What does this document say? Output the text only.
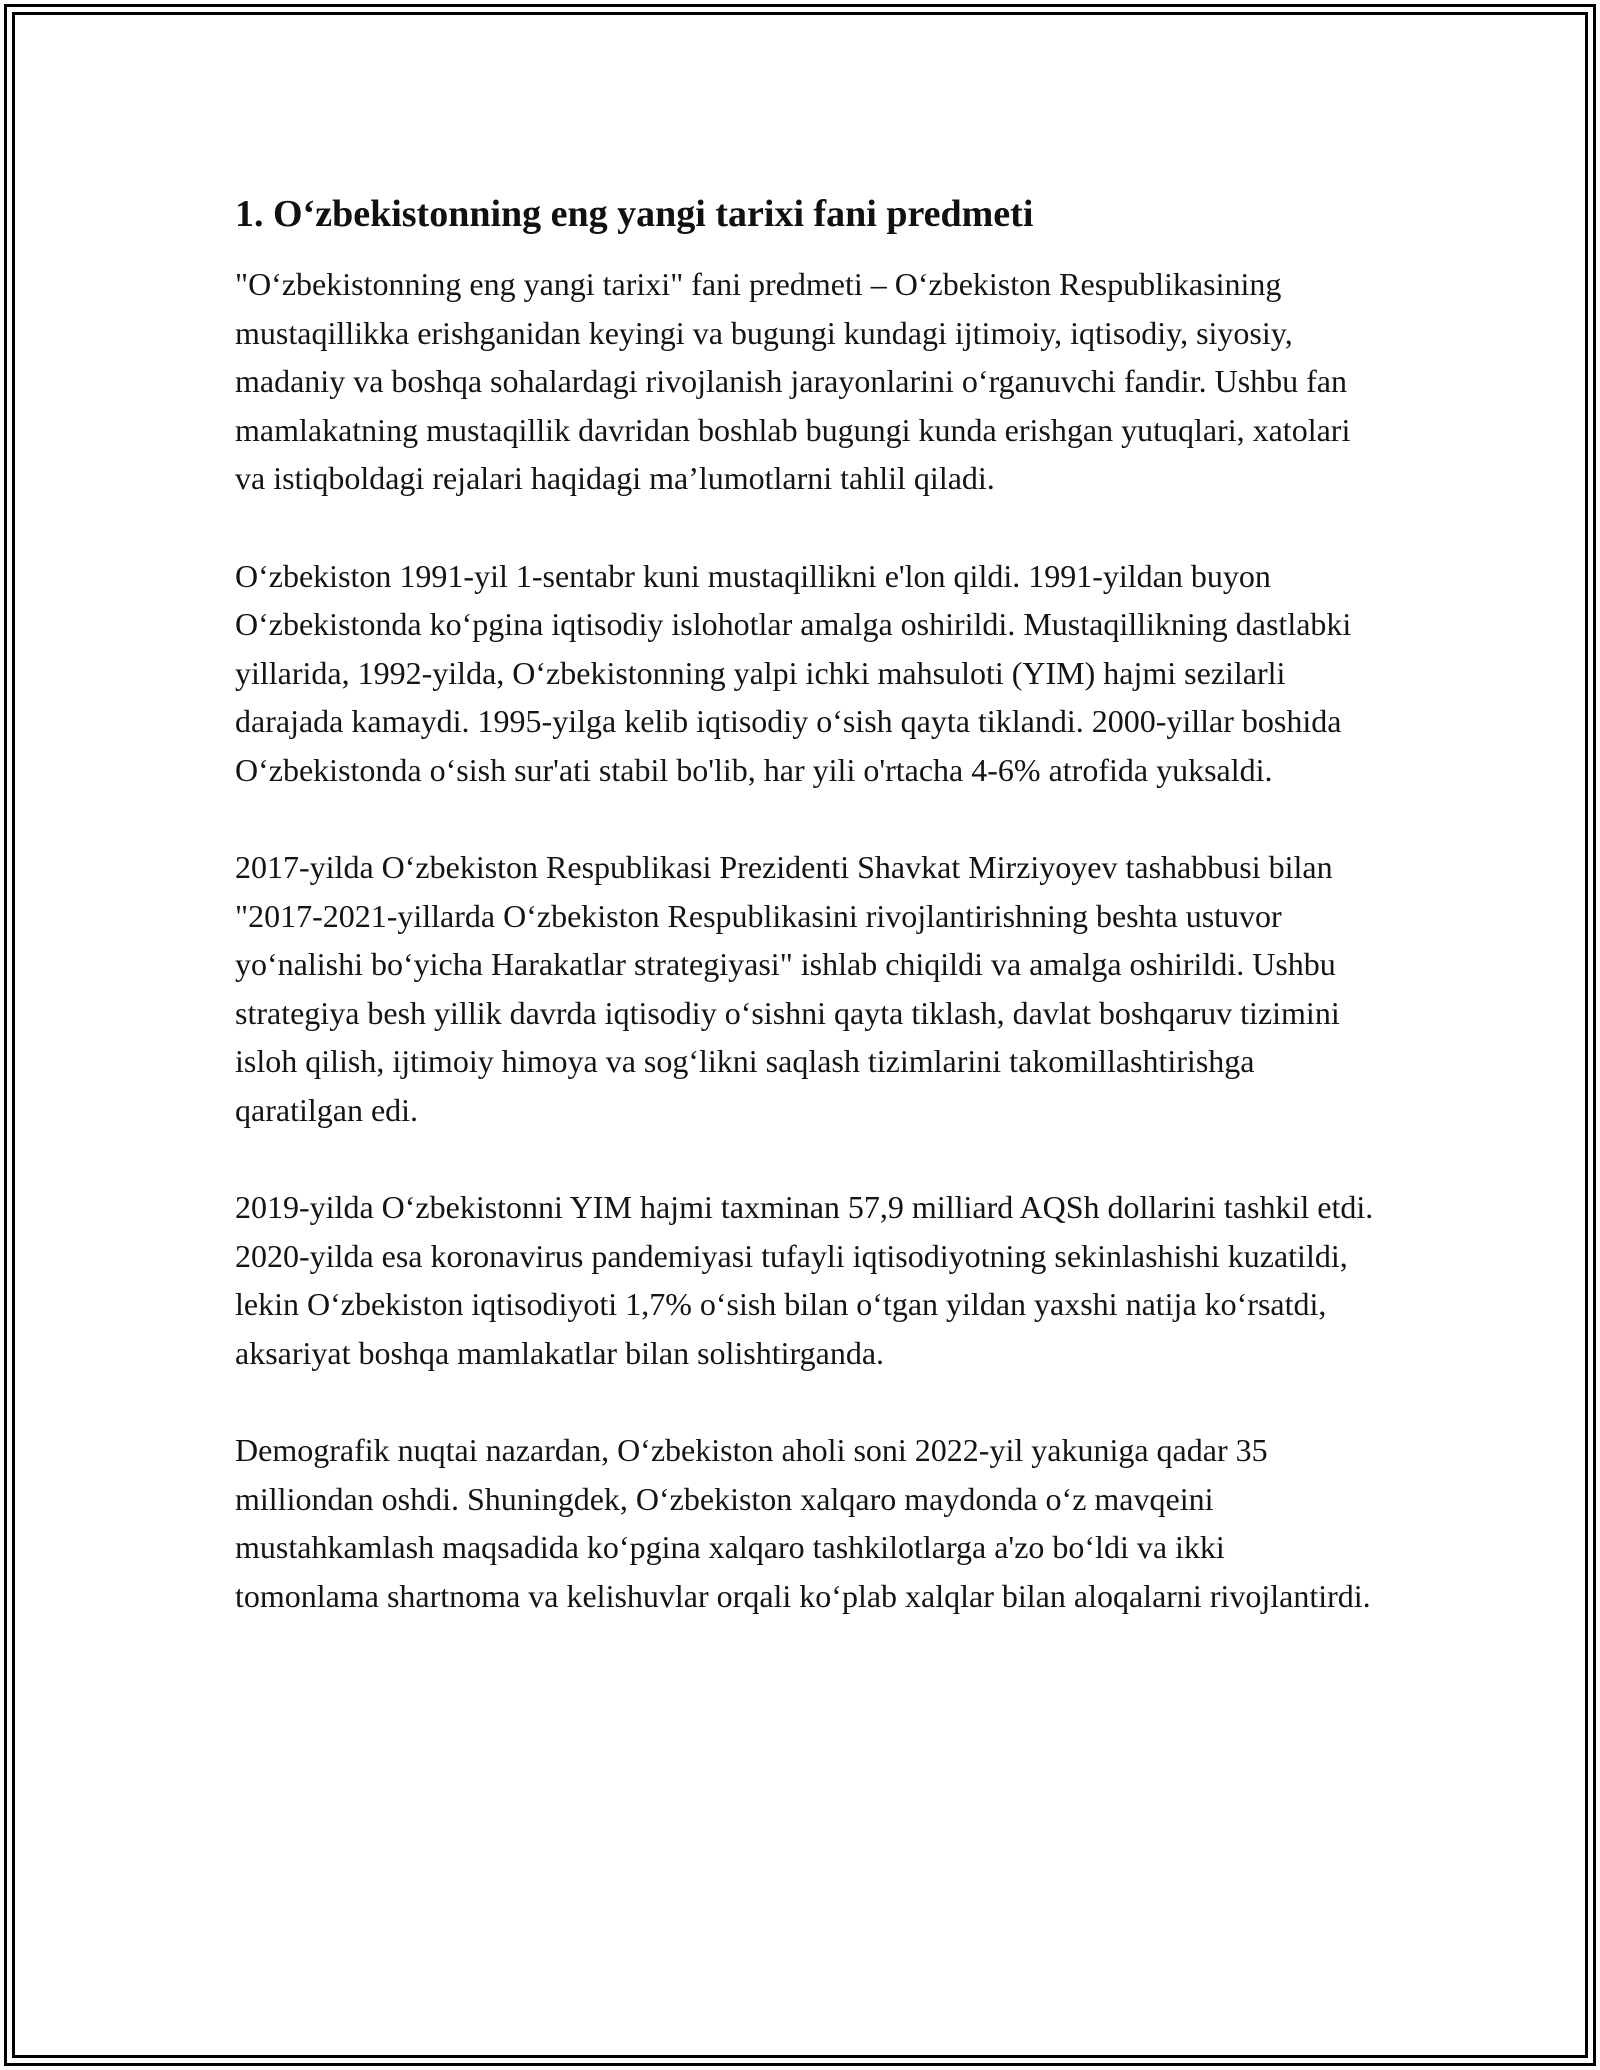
1. O‘zbekistonning eng yangi tarixi fani predmeti

"O‘zbekistonning eng yangi tarixi" fani predmeti – O‘zbekiston Respublikasining mustaqillikka erishganidan keyingi va bugungi kundagi ijtimoiy, iqtisodiy, siyosiy, madaniy va boshqa sohalardagi rivojlanish jarayonlarini o‘rganuvchi fandir. Ushbu fan mamlakatning mustaqillik davridan boshlab bugungi kunda erishgan yutuqlari, xatolari va istiqboldagi rejalari haqidagi ma’lumotlarni tahlil qiladi.

O‘zbekiston 1991-yil 1-sentabr kuni mustaqillikni e'lon qildi. 1991-yildan buyon O‘zbekistonda ko‘pgina iqtisodiy islohotlar amalga oshirildi. Mustaqillikning dastlabki yillarida, 1992-yilda, O‘zbekistonning yalpi ichki mahsuloti (YIM) hajmi sezilarli darajada kamaydi. 1995-yilga kelib iqtisodiy o‘sish qayta tiklandi. 2000-yillar boshida O‘zbekistonda o‘sish sur'ati stabil bo'lib, har yili o'rtacha 4-6% atrofida yuksaldi.

2017-yilda O‘zbekiston Respublikasi Prezidenti Shavkat Mirziyoyev tashabbusi bilan "2017-2021-yillarda O‘zbekiston Respublikasini rivojlantirishning beshta ustuvor yo‘nalishi bo‘yicha Harakatlar strategiyasi" ishlab chiqildi va amalga oshirildi. Ushbu strategiya besh yillik davrda iqtisodiy o‘sishni qayta tiklash, davlat boshqaruv tizimini isloh qilish, ijtimoiy himoya va sog‘likni saqlash tizimlarini takomillashtirishga qaratilgan edi.

2019-yilda O‘zbekistonni YIM hajmi taxminan 57,9 milliard AQSh dollarini tashkil etdi. 2020-yilda esa koronavirus pandemiyasi tufayli iqtisodiyotning sekinlashishi kuzatildi, lekin O‘zbekiston iqtisodiyoti 1,7% o‘sish bilan o‘tgan yildan yaxshi natija ko‘rsatdi, aksariyat boshqa mamlakatlar bilan solishtirganda.

Demografik nuqtai nazardan, O‘zbekiston aholi soni 2022-yil yakuniga qadar 35 milliondan oshdi. Shuningdek, O‘zbekiston xalqaro maydonda o‘z mavqeini mustahkamlash maqsadida ko‘pgina xalqaro tashkilotlarga a'zo bo‘ldi va ikki tomonlama shartnoma va kelishuvlar orqali ko‘plab xalqlar bilan aloqalarni rivojlantirdi.
